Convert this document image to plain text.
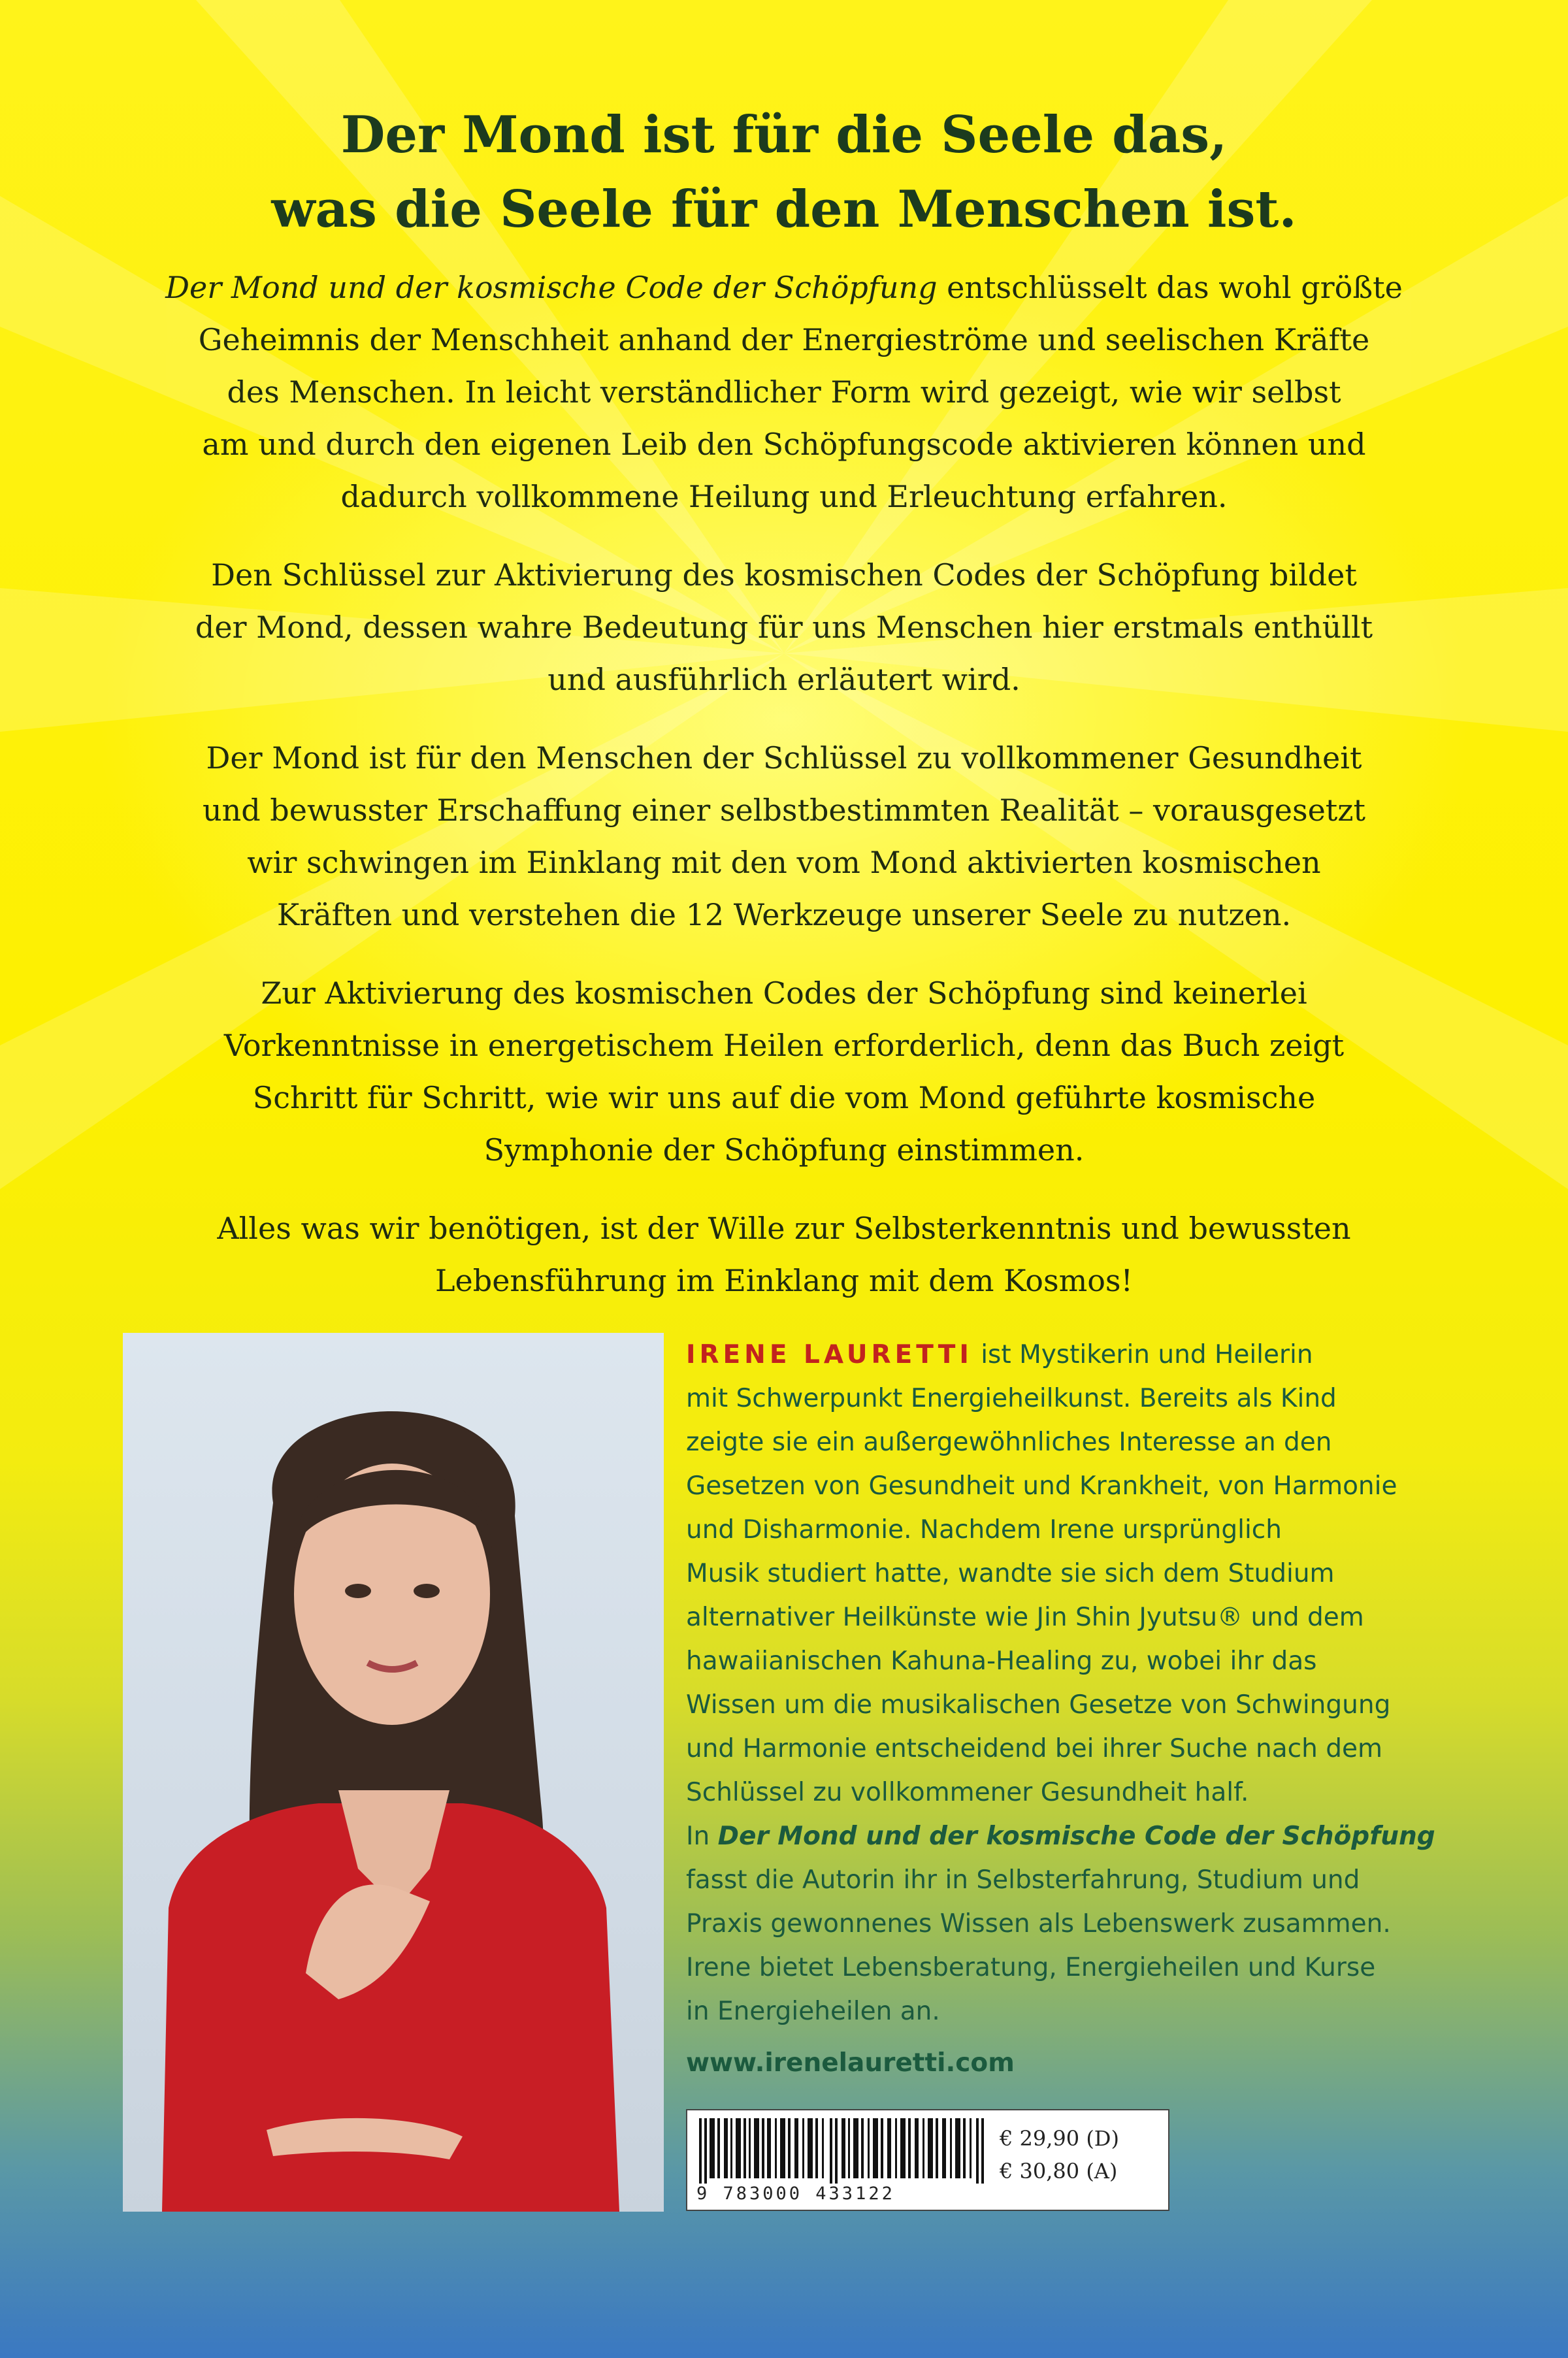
Der Mond ist für die Seele das,
was die Seele für den Menschen ist.
Der Mond und der kosmische Code der Schöpfung entschlüsselt das wohl größte
Geheimnis der Menschheit anhand der Energieströme und seelischen Kräfte
des Menschen. In leicht verständlicher Form wird gezeigt, wie wir selbst
am und durch den eigenen Leib den Schöpfungscode aktivieren können und
dadurch vollkommene Heilung und Erleuchtung erfahren.
Den Schlüssel zur Aktivierung des kosmischen Codes der Schöpfung bildet
der Mond, dessen wahre Bedeutung für uns Menschen hier erstmals enthüllt
und ausführlich erläutert wird.
Der Mond ist für den Menschen der Schlüssel zu vollkommener Gesundheit
und bewusster Erschaffung einer selbstbestimmten Realität – vorausgesetzt
wir schwingen im Einklang mit den vom Mond aktivierten kosmischen
Kräften und verstehen die 12 Werkzeuge unserer Seele zu nutzen.
Zur Aktivierung des kosmischen Codes der Schöpfung sind keinerlei
Vorkenntnisse in energetischem Heilen erforderlich, denn das Buch zeigt
Schritt für Schritt, wie wir uns auf die vom Mond geführte kosmische
Symphonie der Schöpfung einstimmen.
Alles was wir benötigen, ist der Wille zur Selbsterkenntnis und bewussten
Lebensführung im Einklang mit dem Kosmos!
IRENE LAURETTI ist Mystikerin und Heilerin
mit Schwerpunkt Energieheilkunst. Bereits als Kind
zeigte sie ein außergewöhnliches Interesse an den
Gesetzen von Gesundheit und Krankheit, von Harmonie
und Disharmonie. Nachdem Irene ursprünglich
Musik studiert hatte, wandte sie sich dem Studium
alternativer Heilkünste wie Jin Shin Jyutsu® und dem
hawaiianischen Kahuna-Healing zu, wobei ihr das
Wissen um die musikalischen Gesetze von Schwingung
und Harmonie entscheidend bei ihrer Suche nach dem
Schlüssel zu vollkommener Gesundheit half.
In Der Mond und der kosmische Code der Schöpfung
fasst die Autorin ihr in Selbsterfahrung, Studium und
Praxis gewonnenes Wissen als Lebenswerk zusammen.
Irene bietet Lebensberatung, Energieheilen und Kurse
in Energieheilen an.
www.irenelauretti.com
9 783000 433122
€ 29,90 (D)
€ 30,80 (A)
